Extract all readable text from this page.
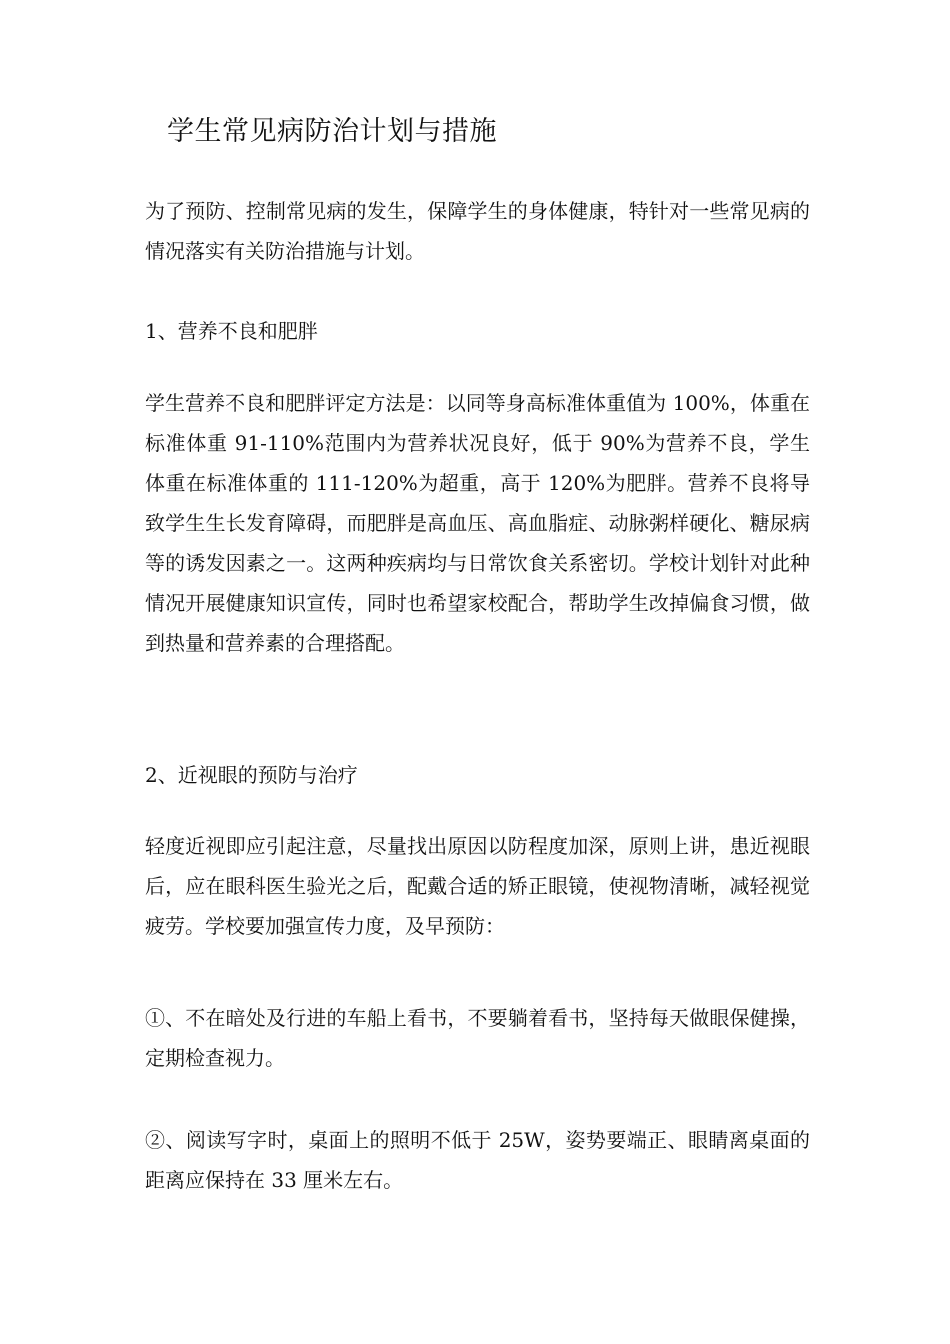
学生常见病防治计划与措施

为了预防、控制常见病的发生，保障学生的身体健康，特针对一些常见病的情况落实有关防治措施与计划。

1、营养不良和肥胖

学生营养不良和肥胖评定方法是：以同等身高标准体重值为 100%，体重在标准体重 91-110%范围内为营养状况良好，低于 90%为营养不良，学生体重在标准体重的 111-120%为超重，高于 120%为肥胖。营养不良将导致学生生长发育障碍，而肥胖是高血压、高血脂症、动脉粥样硬化、糖尿病等的诱发因素之一。这两种疾病均与日常饮食关系密切。学校计划针对此种情况开展健康知识宣传，同时也希望家校配合，帮助学生改掉偏食习惯，做到热量和营养素的合理搭配。

2、近视眼的预防与治疗

轻度近视即应引起注意，尽量找出原因以防程度加深，原则上讲，患近视眼后，应在眼科医生验光之后，配戴合适的矫正眼镜，使视物清晰，减轻视觉疲劳。学校要加强宣传力度，及早预防：

①、不在暗处及行进的车船上看书，不要躺着看书，坚持每天做眼保健操，定期检查视力。

②、阅读写字时，桌面上的照明不低于 25W，姿势要端正、眼睛离桌面的距离应保持在 33 厘米左右。
